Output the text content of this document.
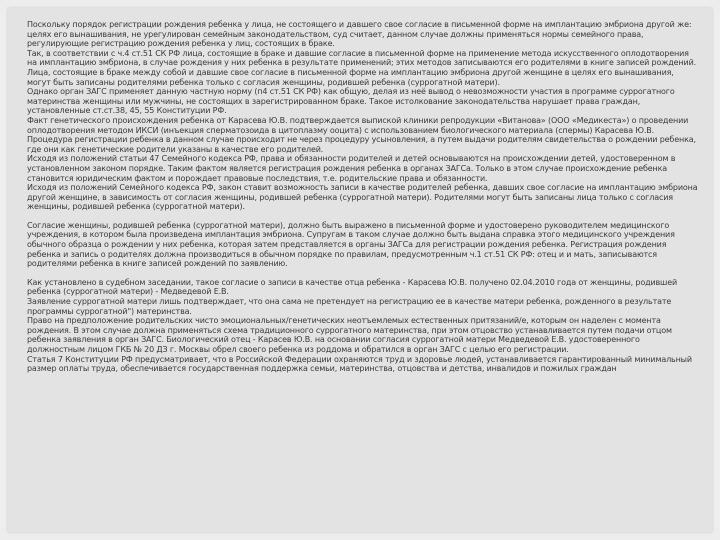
Поскольку порядок регистрации рождения ребенка у лица, не состоящего и давшего свое согласие в письменной форме на имплантацию эмбриона другой же: целях его вынашивания, не урегулирован семейным законодательством, суд считает, данном случае должны применяться нормы семейного права, регулирующие регистрацию рождения ребенка у лиц, состоящих в браке.

Так, в соответствии с ч.4 ст.51 СК РФ лица, состоящие в браке и давшие согласие в письменной форме на применение метода искусственного оплодотворения на имплантацию эмбриона, в случае рождения у них ребенка в результате применений; этих методов записываются его родителями в книге записей рождений.

Лица, состоящие в браке между собой и давшие свое согласие в письменной форме на имплантацию эмбриона другой женщине в целях его вынашивания, могут быть записаны родителями ребенка только с согласия женщины, родившей ребенка (суррогатной матери).

Однако орган ЗАГС применяет данную частную норму (п4 ст.51 СК РФ) как общую, делая из неё вывод о невозможности участия в программе суррогатного материнства женщины или мужчины, не состоящих в зарегистрированном браке. Такое истолкование законодательства нарушает права граждан, установленные ст.ст.38, 45, 55 Конституции РФ.

Факт генетического происхождения ребенка от Карасева Ю.В. подтверждается выпиской клиники репродукции «Витанова» (ООО «Медикеста») о проведении оплодотворения методом ИКСИ (инъекция сперматозоида в цитоплазму ооцита) с использованием биологического материала (спермы) Карасева Ю.В.

Процедура регистрации ребенка в данном случае происходит не через процедуру усыновления, а путем выдачи родителям свидетельства о рождении ребенка, где они как генетические родители указаны в качестве его родителей.

Исходя из положений статьи 47 Семейного кодекса РФ, права и обязанности родителей и детей основываются на происхождении детей, удостоверенном в установленном законом порядке. Таким фактом является регистрация рождения ребенка в органах ЗАГСа. Только в этом случае происхождение ребенка становится юридическим фактом и порождает правовые последствия, т.е. родительские права и обязанности.

Исходя из положений Семейного кодекса РФ, закон ставит возможность записи в качестве родителей ребенка, давших свое согласие на имплантацию эмбриона другой женщине, в зависимость от согласия женщины, родившей ребенка (суррогатной матери). Родителями могут быть записаны лица только с согласия женщины, родившей ребенка (суррогатной матери).

Согласие женщины, родившей ребенка (суррогатной матери), должно быть выражено в письменной форме и удостоверено руководителем медицинского учреждения, в котором была произведена имплантация эмбриона. Супругам в таком случае должно быть выдана справка этого медицинского учреждения обычного образца о рождении у них ребенка, которая затем представляется в органы ЗАГСа для регистрации рождения ребенка. Регистрация рождения ребенка и запись о родителях должна производиться в обычном порядке по правилам, предусмотренным ч.1 ст.51 СК РФ: отец и и мать, записываются родителями ребенка в книге записей рождений по заявлению.

Как установлено в судебном заседании, такое согласие о записи в качестве отца ребенка - Карасева Ю.В. получено 02.04.2010 года от женщины, родившей ребенка (суррогатной матери) - Медведевой Е.В.

Заявление суррогатной матери лишь подтверждает, что она сама не претендует на регистрацию ее в качестве матери ребенка, рожденного в результате программы суррогатной") материнства.

Право на предположение родительских чисто эмоциональных/генетических неотъемлемых естественных притязаний/е, которым он наделен с момента рождения. В этом случае должна применяться схема традиционного суррогатного материнства, при этом отцовство устанавливается путем подачи отцом ребенка заявления в орган ЗАГС. Биологический отец - Карасев Ю.В. на основании согласия суррогатной матери Медведевой Е.В. удостоверенного должностным лицом ГКБ № 20 ДЗ г. Москвы обрел своего ребенка из роддома и обратился в орган ЗАГС с целью его регистрации.

Статья 7 Конституции РФ предусматривает, что в Российской Федерации охраняются труд и здоровье людей, устанавливается гарантированный минимальный размер оплаты труда, обеспечивается государственная поддержка семьи, материнства, отцовства и детства, инвалидов и пожилых граждан
